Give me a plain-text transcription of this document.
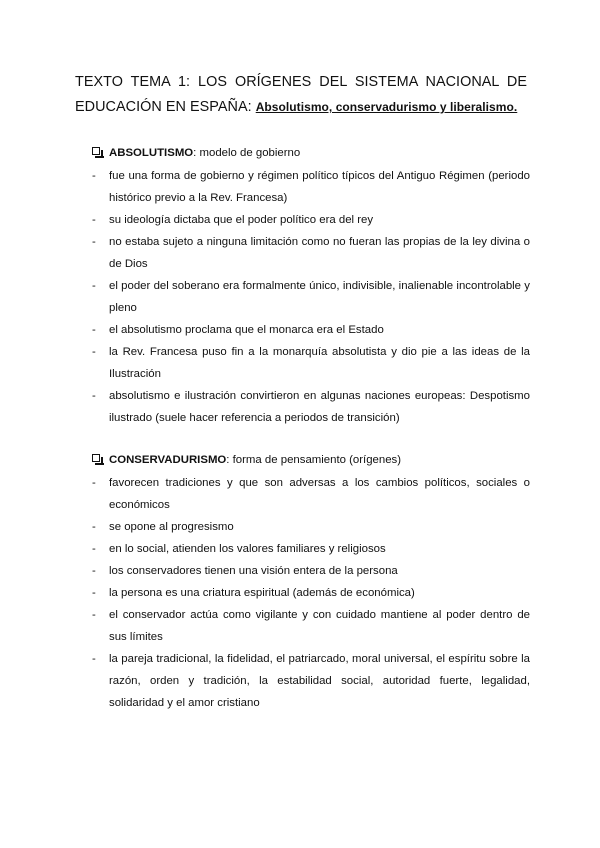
TEXTO TEMA 1: LOS ORÍGENES DEL SISTEMA NACIONAL DE EDUCACIÓN EN ESPAÑA: Absolutismo, conservadurismo y liberalismo.
ABSOLUTISMO: modelo de gobierno
- fue una forma de gobierno y régimen político típicos del Antiguo Régimen (periodo histórico previo a la Rev. Francesa)
- su ideología dictaba que el poder político era del rey
- no estaba sujeto a ninguna limitación como no fueran las propias de la ley divina o de Dios
- el poder del soberano era formalmente único, indivisible, inalienable incontrolable y pleno
- el absolutismo proclama que el monarca era el Estado
- la Rev. Francesa puso fin a la monarquía absolutista y dio pie a las ideas de la Ilustración
- absolutismo e ilustración convirtieron en algunas naciones europeas: Despotismo ilustrado (suele hacer referencia a periodos de transición)
CONSERVADURISMO: forma de pensamiento (orígenes)
- favorecen tradiciones y que son adversas a los cambios políticos, sociales o económicos
- se opone al progresismo
- en lo social, atienden los valores familiares y religiosos
- los conservadores tienen una visión entera de la persona
- la persona es una criatura espiritual (además de económica)
- el conservador actúa como vigilante y con cuidado mantiene al poder dentro de sus límites
- la pareja tradicional, la fidelidad, el patriarcado, moral universal, el espíritu sobre la razón, orden y tradición, la estabilidad social, autoridad fuerte, legalidad, solidaridad y el amor cristiano
